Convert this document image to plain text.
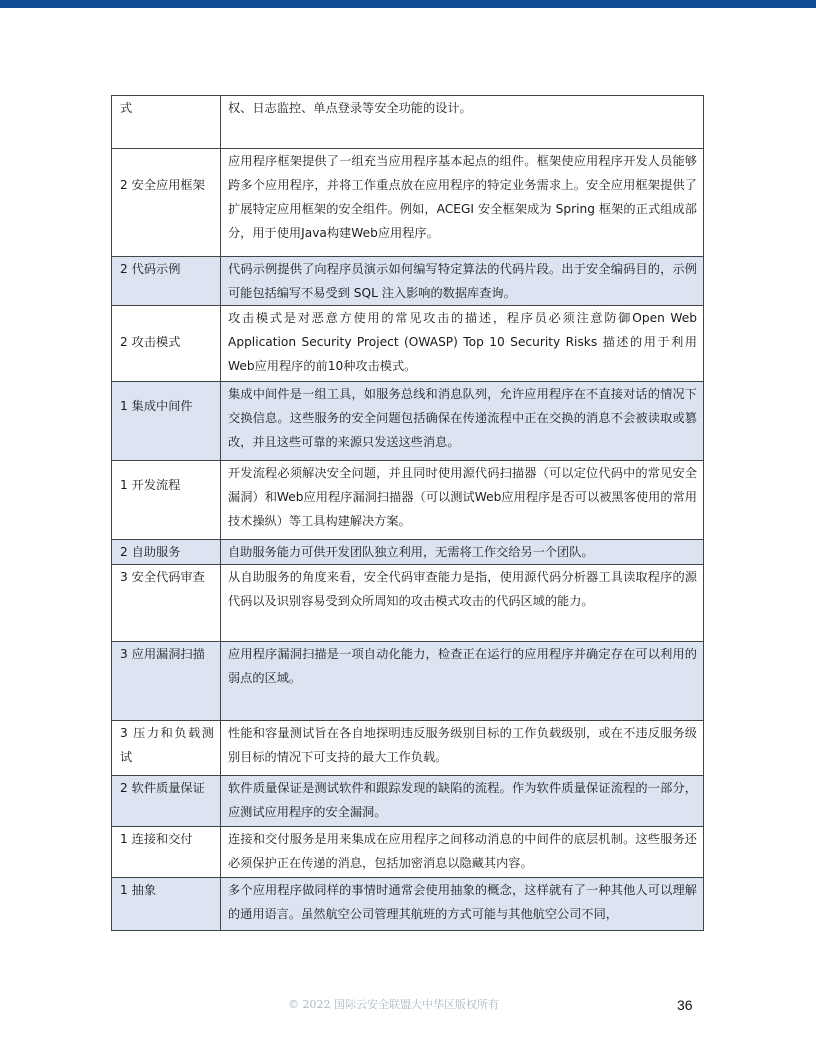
式	权、日志监控、单点登录等安全功能的设计。
2 安全应用框架	应用程序框架提供了一组充当应用程序基本起点的组件。框架使应用程序开发人员能够跨多个应用程序，并将工作重点放在应用程序的特定业务需求上。安全应用框架提供了扩展特定应用框架的安全组件。例如，ACEGI 安全框架成为 Spring 框架的正式组成部分，用于使用Java构建Web应用程序。
2 代码示例	代码示例提供了向程序员演示如何编写特定算法的代码片段。出于安全编码目的，示例可能包括编写不易受到 SQL 注入影响的数据库查询。
2 攻击模式	攻击模式是对恶意方使用的常见攻击的描述，程序员必须注意防御Open Web Application Security Project (OWASP) Top 10 Security Risks 描述的用于利用Web应用程序的前10种攻击模式。
1 集成中间件	集成中间件是一组工具，如服务总线和消息队列，允许应用程序在不直接对话的情况下交换信息。这些服务的安全问题包括确保在传递流程中正在交换的消息不会被读取或篡改，并且这些可靠的来源只发送这些消息。
1 开发流程	开发流程必须解决安全问题，并且同时使用源代码扫描器（可以定位代码中的常见安全漏洞）和Web应用程序漏洞扫描器（可以测试Web应用程序是否可以被黑客使用的常用技术操纵）等工具构建解决方案。
2 自助服务	自助服务能力可供开发团队独立利用，无需将工作交给另一个团队。
3 安全代码审查	从自助服务的角度来看，安全代码审查能力是指，使用源代码分析器工具读取程序的源代码以及识别容易受到众所周知的攻击模式攻击的代码区域的能力。
3 应用漏洞扫描	应用程序漏洞扫描是一项自动化能力，检查正在运行的应用程序并确定存在可以利用的弱点的区域。
3 压力和负载测试	性能和容量测试旨在各自地探明违反服务级别目标的工作负载级别，或在不违反服务级别目标的情况下可支持的最大工作负载。
2 软件质量保证	软件质量保证是测试软件和跟踪发现的缺陷的流程。作为软件质量保证流程的一部分，应测试应用程序的安全漏洞。
1 连接和交付	连接和交付服务是用来集成在应用程序之间移动消息的中间件的底层机制。这些服务还必须保护正在传递的消息，包括加密消息以隐藏其内容。
1 抽象	多个应用程序做同样的事情时通常会使用抽象的概念，这样就有了一种其他人可以理解的通用语言。虽然航空公司管理其航班的方式可能与其他航空公司不同，
© 2022 国际云安全联盟大中华区版权所有	36
